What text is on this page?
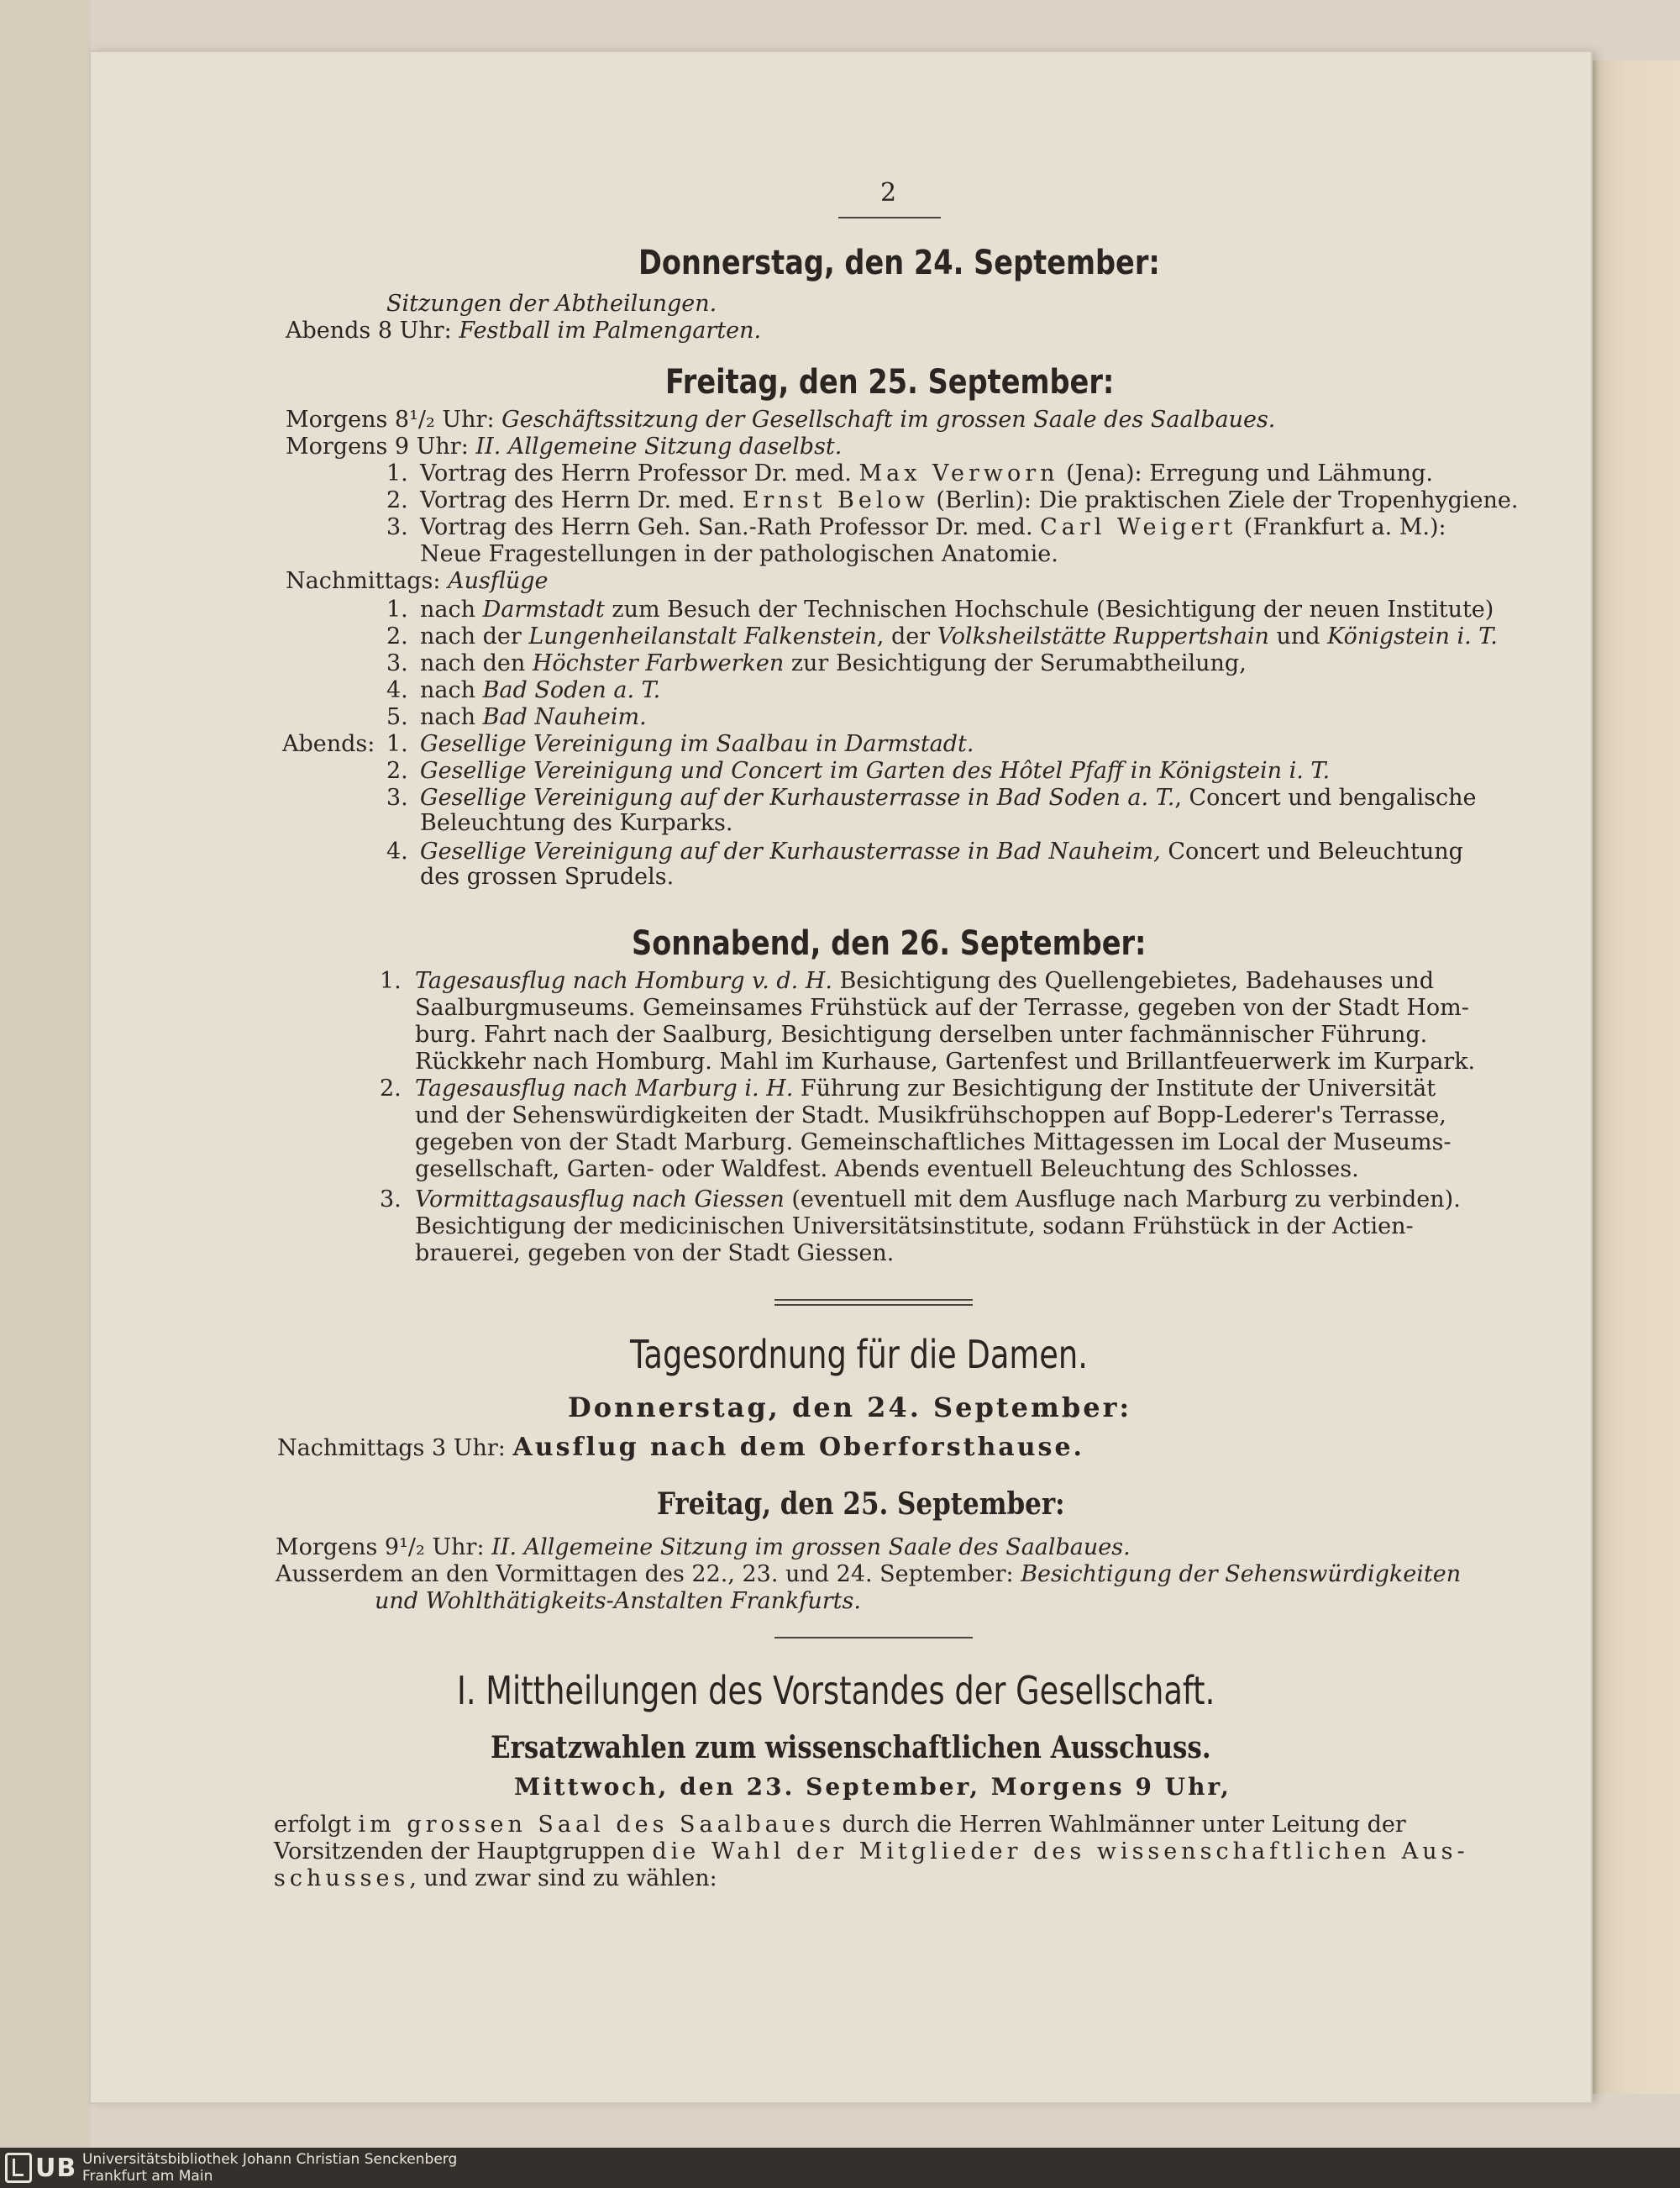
2
Donnerstag, den 24. September:
Sitzungen der Abtheilungen.
Abends 8 Uhr: Festball im Palmengarten.
Freitag, den 25. September:
Morgens 8¹/₂ Uhr: Geschäftssitzung der Gesellschaft im grossen Saale des Saalbaues.
Morgens 9 Uhr: II. Allgemeine Sitzung daselbst.
1. Vortrag des Herrn Professor Dr. med. Max Verworn (Jena): Erregung und Lähmung.
2. Vortrag des Herrn Dr. med. Ernst Below (Berlin): Die praktischen Ziele der Tropenhygiene.
3. Vortrag des Herrn Geh. San.-Rath Professor Dr. med. Carl Weigert (Frankfurt a. M.):
Neue Fragestellungen in der pathologischen Anatomie.
Nachmittags: Ausflüge
1. nach Darmstadt zum Besuch der Technischen Hochschule (Besichtigung der neuen Institute)
2. nach der Lungenheilanstalt Falkenstein, der Volksheilstätte Ruppertshain und Königstein i. T.
3. nach den Höchster Farbwerken zur Besichtigung der Serumabtheilung,
4. nach Bad Soden a. T.
5. nach Bad Nauheim.
Abends: 1. Gesellige Vereinigung im Saalbau in Darmstadt.
2. Gesellige Vereinigung und Concert im Garten des Hôtel Pfaff in Königstein i. T.
3. Gesellige Vereinigung auf der Kurhausterrasse in Bad Soden a. T., Concert und bengalische
Beleuchtung des Kurparks.
4. Gesellige Vereinigung auf der Kurhausterrasse in Bad Nauheim, Concert und Beleuchtung
des grossen Sprudels.
Sonnabend, den 26. September:
1. Tagesausflug nach Homburg v. d. H. Besichtigung des Quellengebietes, Badehauses und
Saalburgmuseums. Gemeinsames Frühstück auf der Terrasse, gegeben von der Stadt Hom-
burg. Fahrt nach der Saalburg, Besichtigung derselben unter fachmännischer Führung.
Rückkehr nach Homburg. Mahl im Kurhause, Gartenfest und Brillantfeuerwerk im Kurpark.
2. Tagesausflug nach Marburg i. H. Führung zur Besichtigung der Institute der Universität
und der Sehenswürdigkeiten der Stadt. Musikfrühschoppen auf Bopp-Lederer's Terrasse,
gegeben von der Stadt Marburg. Gemeinschaftliches Mittagessen im Local der Museums-
gesellschaft, Garten- oder Waldfest. Abends eventuell Beleuchtung des Schlosses.
3. Vormittagsausflug nach Giessen (eventuell mit dem Ausfluge nach Marburg zu verbinden).
Besichtigung der medicinischen Universitätsinstitute, sodann Frühstück in der Actien-
brauerei, gegeben von der Stadt Giessen.
Tagesordnung für die Damen.
Donnerstag, den 24. September:
Nachmittags 3 Uhr: Ausflug nach dem Oberforsthause.
Freitag, den 25. September:
Morgens 9¹/₂ Uhr: II. Allgemeine Sitzung im grossen Saale des Saalbaues.
Ausserdem an den Vormittagen des 22., 23. und 24. September: Besichtigung der Sehenswürdigkeiten
und Wohlthätigkeits-Anstalten Frankfurts.
I. Mittheilungen des Vorstandes der Gesellschaft.
Ersatzwahlen zum wissenschaftlichen Ausschuss.
Mittwoch, den 23. September, Morgens 9 Uhr,
erfolgt im grossen Saal des Saalbaues durch die Herren Wahlmänner unter Leitung der
Vorsitzenden der Hauptgruppen die Wahl der Mitglieder des wissenschaftlichen Aus-
schusses, und zwar sind zu wählen:
UB Universitätsbibliothek Johann Christian Senckenberg
Frankfurt am Main
